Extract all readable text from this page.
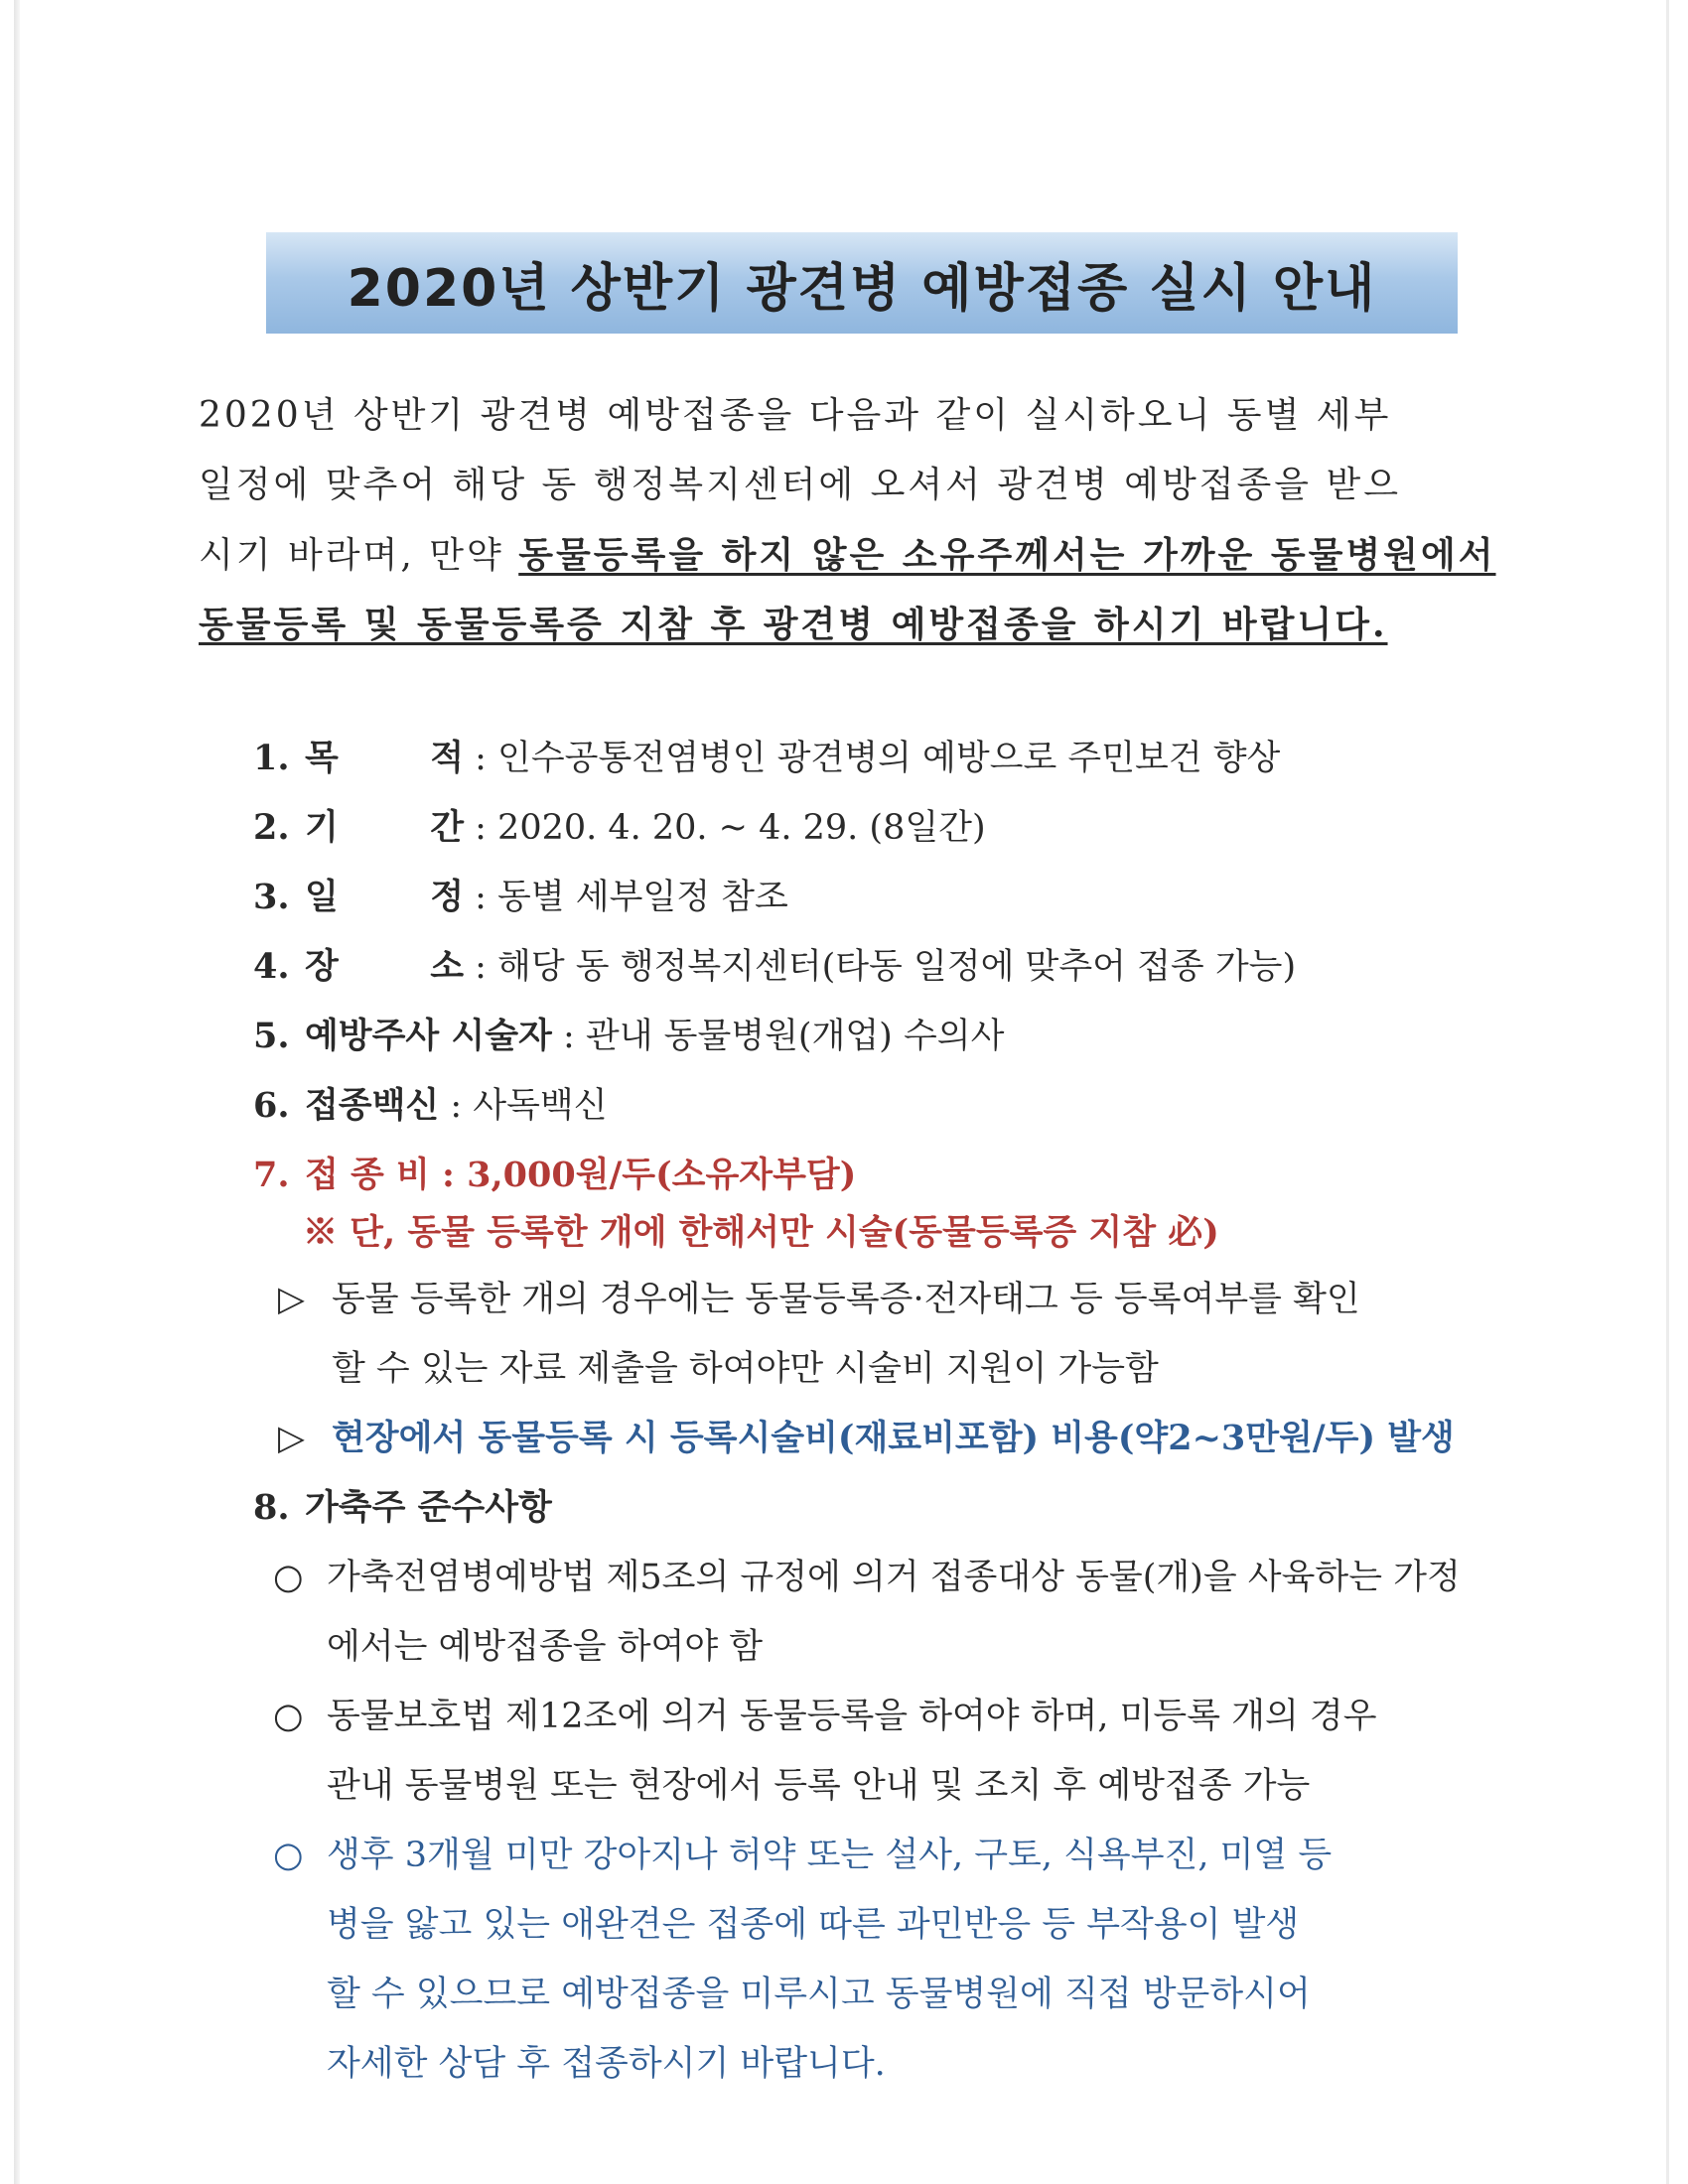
2020년 상반기 광견병 예방접종 실시 안내
2020년 상반기 광견병 예방접종을 다음과 같이 실시하오니 동별 세부
일정에 맞추어 해당 동 행정복지센터에 오셔서 광견병 예방접종을 받으
시기 바라며, 만약 동물등록을 하지 않은 소유주께서는 가까운 동물병원에서
동물등록 및 동물등록증 지참 후 광견병 예방접종을 하시기 바랍니다.
1. 목	적 : 인수공통전염병인 광견병의 예방으로 주민보건 향상
2. 기	간 : 2020. 4. 20. ~ 4. 29. (8일간)
3. 일	정 : 동별 세부일정 참조
4. 장	소 : 해당 동 행정복지센터(타동 일정에 맞추어 접종 가능)
5. 예방주사 시술자 : 관내 동물병원(개업) 수의사
6. 접종백신 : 사독백신
7. 접 종 비 : 3,000원/두(소유자부담)
※ 단, 동물 등록한 개에 한해서만 시술(동물등록증 지참 必)
▷ 동물 등록한 개의 경우에는 동물등록증·전자태그 등 등록여부를 확인
할 수 있는 자료 제출을 하여야만 시술비 지원이 가능함
▷ 현장에서 동물등록 시 등록시술비(재료비포함) 비용(약2~3만원/두) 발생
8. 가축주 준수사항
○ 가축전염병예방법 제5조의 규정에 의거 접종대상 동물(개)을 사육하는 가정
에서는 예방접종을 하여야 함
○ 동물보호법 제12조에 의거 동물등록을 하여야 하며, 미등록 개의 경우
관내 동물병원 또는 현장에서 등록 안내 및 조치 후 예방접종 가능
○ 생후 3개월 미만 강아지나 허약 또는 설사, 구토, 식욕부진, 미열 등
병을 앓고 있는 애완견은 접종에 따른 과민반응 등 부작용이 발생
할 수 있으므로 예방접종을 미루시고 동물병원에 직접 방문하시어
자세한 상담 후 접종하시기 바랍니다.
